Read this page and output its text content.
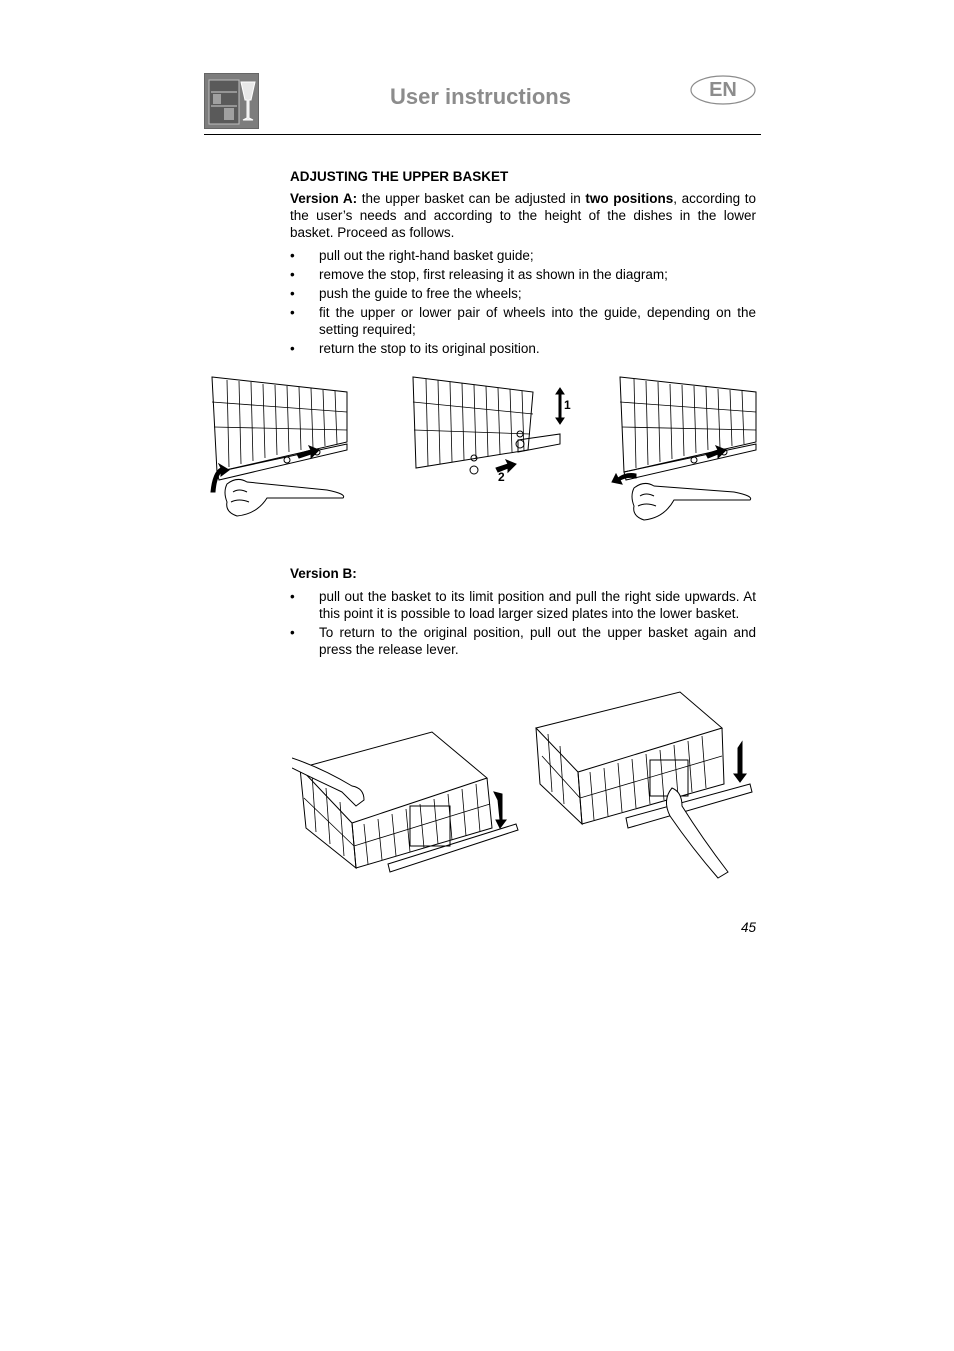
User instructions	EN
ADJUSTING THE UPPER BASKET
Version A: the upper basket can be adjusted in two positions, according to the user’s needs and according to the height of the dishes in the lower basket. Proceed as follows.
• pull out the right-hand basket guide;
• remove the stop, first releasing it as shown in the diagram;
• push the guide to free the wheels;
• fit the upper or lower pair of wheels into the guide, depending on the setting required;
• return the stop to its original position.
1
2
Version B:
• pull out the basket to its limit position and pull the right side upwards. At this point it is possible to load larger sized plates into the lower basket.
• To return to the original position, pull out the upper basket again and press the release lever.
45
